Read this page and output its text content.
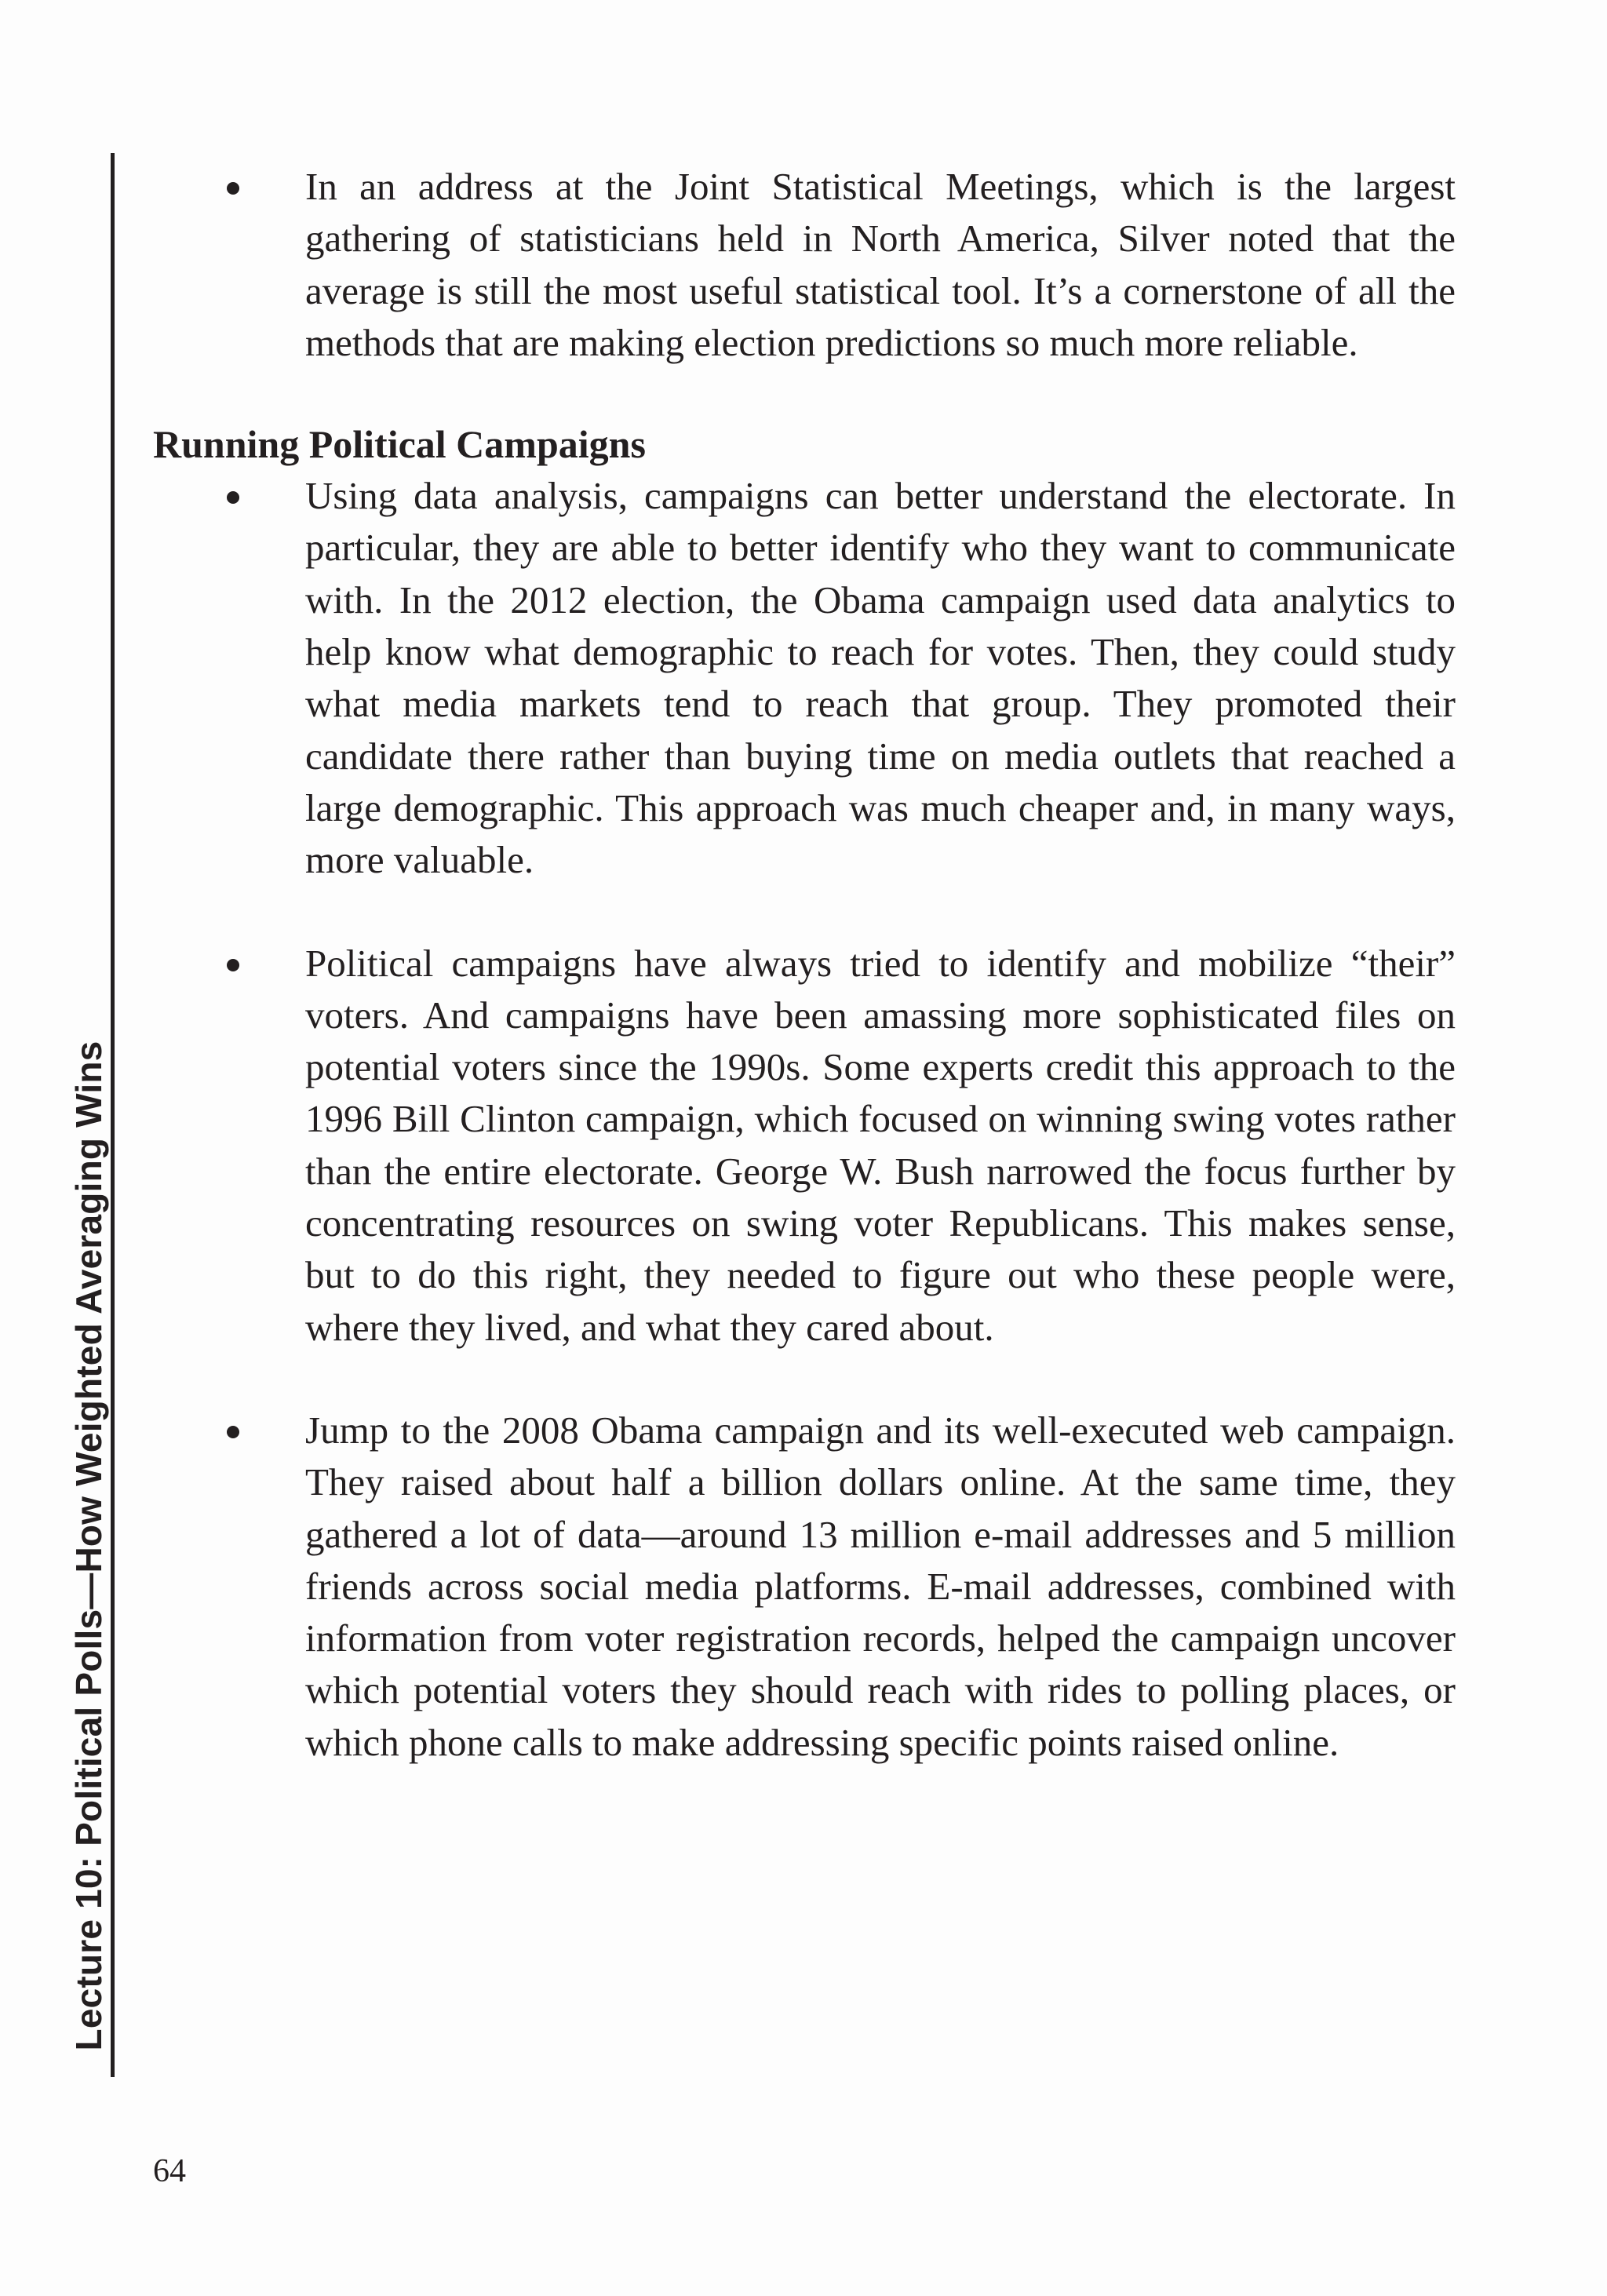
Lecture 10: Political Polls—How Weighted Averaging Wins

In an address at the Joint Statistical Meetings, which is the largest gathering of statisticians held in North America, Silver noted that the average is still the most useful statistical tool. It’s a cornerstone of all the methods that are making election predictions so much more reliable.

Running Political Campaigns

Using data analysis, campaigns can better understand the electorate. In particular, they are able to better identify who they want to communicate with. In the 2012 election, the Obama campaign used data analytics to help know what demographic to reach for votes. Then, they could study what media markets tend to reach that group. They promoted their candidate there rather than buying time on media outlets that reached a large demographic. This approach was much cheaper and, in many ways, more valuable.

Political campaigns have always tried to identify and mobilize “their” voters. And campaigns have been amassing more sophisticated files on potential voters since the 1990s. Some experts credit this approach to the 1996 Bill Clinton campaign, which focused on winning swing votes rather than the entire electorate. George W. Bush narrowed the focus further by concentrating resources on swing voter Republicans. This makes sense, but to do this right, they needed to figure out who these people were, where they lived, and what they cared about.

Jump to the 2008 Obama campaign and its well-executed web campaign. They raised about half a billion dollars online. At the same time, they gathered a lot of data—around 13 million e-mail addresses and 5 million friends across social media platforms. E-mail addresses, combined with information from voter registration records, helped the campaign uncover which potential voters they should reach with rides to polling places, or which phone calls to make addressing specific points raised online.

64
